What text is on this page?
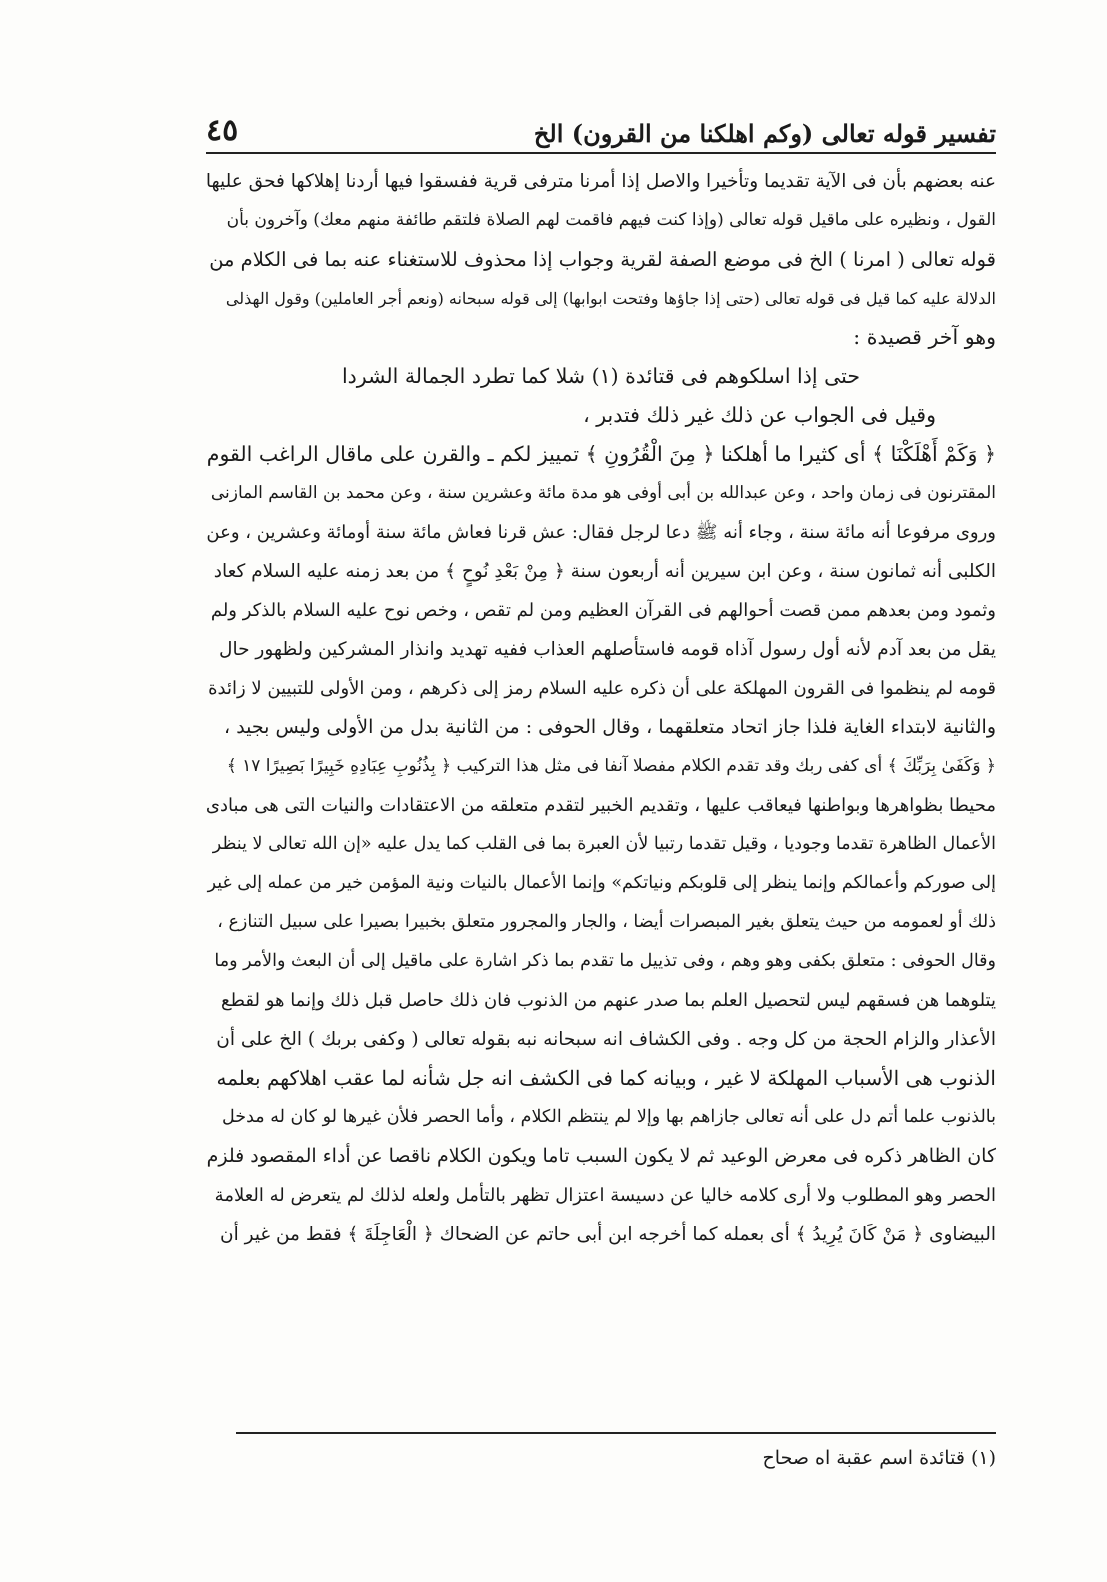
تفسير قوله تعالى (وكم اهلكنا من القرون) الخ
٤٥
عنه بعضهم بأن فى الآية تقديما وتأخيرا والاصل إذا أمرنا مترفى قرية ففسقوا فيها أردنا إهلاكها فحق عليها
القول ، ونظيره على ماقيل قوله تعالى (وإذا كنت فيهم فاقمت لهم الصلاة فلتقم طائفة منهم معك) وآخرون بأن
قوله تعالى ( امرنا ) الخ فى موضع الصفة لقرية وجواب إذا محذوف للاستغناء عنه بما فى الكلام من
الدلالة عليه كما قيل فى قوله تعالى (حتى إذا جاؤها وفتحت ابوابها) إلى قوله سبحانه (ونعم أجر العاملين) وقول الهذلى
وهو آخر قصيدة :
حتى إذا اسلكوهم فى قتائدة (١) شلا كما تطرد الجمالة الشردا
وقيل فى الجواب عن ذلك غير ذلك فتدبر ،
﴿ وَكَمْ أَهْلَكْنَا ﴾ أى كثيرا ما أهلكنا ﴿ مِنَ الْقُرُونِ ﴾ تمييز لكم ـ والقرن على ماقال الراغب القوم
المقترنون فى زمان واحد ، وعن عبدالله بن أبى أوفى هو مدة مائة وعشرين سنة ، وعن محمد بن القاسم المازنى
وروى مرفوعا أنه مائة سنة ، وجاء أنه ﷺ دعا لرجل فقال: عش قرنا فعاش مائة سنة أومائة وعشرين ، وعن
الكلبى أنه ثمانون سنة ، وعن ابن سيرين أنه أربعون سنة ﴿ مِنْ بَعْدِ نُوحٍ ﴾ من بعد زمنه عليه السلام كعاد
وثمود ومن بعدهم ممن قصت أحوالهم فى القرآن العظيم ومن لم تقص ، وخص نوح عليه السلام بالذكر ولم
يقل من بعد آدم لأنه أول رسول آذاه قومه فاستأصلهم العذاب ففيه تهديد وانذار المشركين ولظهور حال
قومه لم ينظموا فى القرون المهلكة على أن ذكره عليه السلام رمز إلى ذكرهم ، ومن الأولى للتبيين لا زائدة
والثانية لابتداء الغاية فلذا جاز اتحاد متعلقهما ، وقال الحوفى : من الثانية بدل من الأولى وليس بجيد ،
﴿ وَكَفَىٰ بِرَبِّكَ ﴾ أى كفى ربك وقد تقدم الكلام مفصلا آنفا فى مثل هذا التركيب ﴿ بِذُنُوبِ عِبَادِهِ خَبِيرًا بَصِيرًا ١٧ ﴾
محيطا بظواهرها وبواطنها فيعاقب عليها ، وتقديم الخبير لتقدم متعلقه من الاعتقادات والنيات التى هى مبادى
الأعمال الظاهرة تقدما وجوديا ، وقيل تقدما رتبيا لأن العبرة بما فى القلب كما يدل عليه «إن الله تعالى لا ينظر
إلى صوركم وأعمالكم وإنما ينظر إلى قلوبكم ونياتكم» وإنما الأعمال بالنيات ونية المؤمن خير من عمله إلى غير
ذلك أو لعمومه من حيث يتعلق بغير المبصرات أيضا ، والجار والمجرور متعلق بخبيرا بصيرا على سبيل التنازع ،
وقال الحوفى : متعلق بكفى وهو وهم ، وفى تذييل ما تقدم بما ذكر اشارة على ماقيل إلى أن البعث والأمر وما
يتلوهما هن فسقهم ليس لتحصيل العلم بما صدر عنهم من الذنوب فان ذلك حاصل قبل ذلك وإنما هو لقطع
الأعذار والزام الحجة من كل وجه . وفى الكشاف انه سبحانه نبه بقوله تعالى ( وكفى بربك ) الخ على أن
الذنوب هى الأسباب المهلكة لا غير ، وبيانه كما فى الكشف انه جل شأنه لما عقب اهلاكهم بعلمه
بالذنوب علما أتم دل على أنه تعالى جازاهم بها وإلا لم ينتظم الكلام ، وأما الحصر فلأن غيرها لو كان له مدخل
كان الظاهر ذكره فى معرض الوعيد ثم لا يكون السبب تاما ويكون الكلام ناقصا عن أداء المقصود فلزم
الحصر وهو المطلوب ولا أرى كلامه خاليا عن دسيسة اعتزال تظهر بالتأمل ولعله لذلك لم يتعرض له العلامة
البيضاوى ﴿ مَنْ كَانَ يُرِيدُ ﴾ أى بعمله كما أخرجه ابن أبى حاتم عن الضحاك ﴿ الْعَاجِلَةَ ﴾ فقط من غير أن
(١) قتائدة اسم عقبة اه صحاح
